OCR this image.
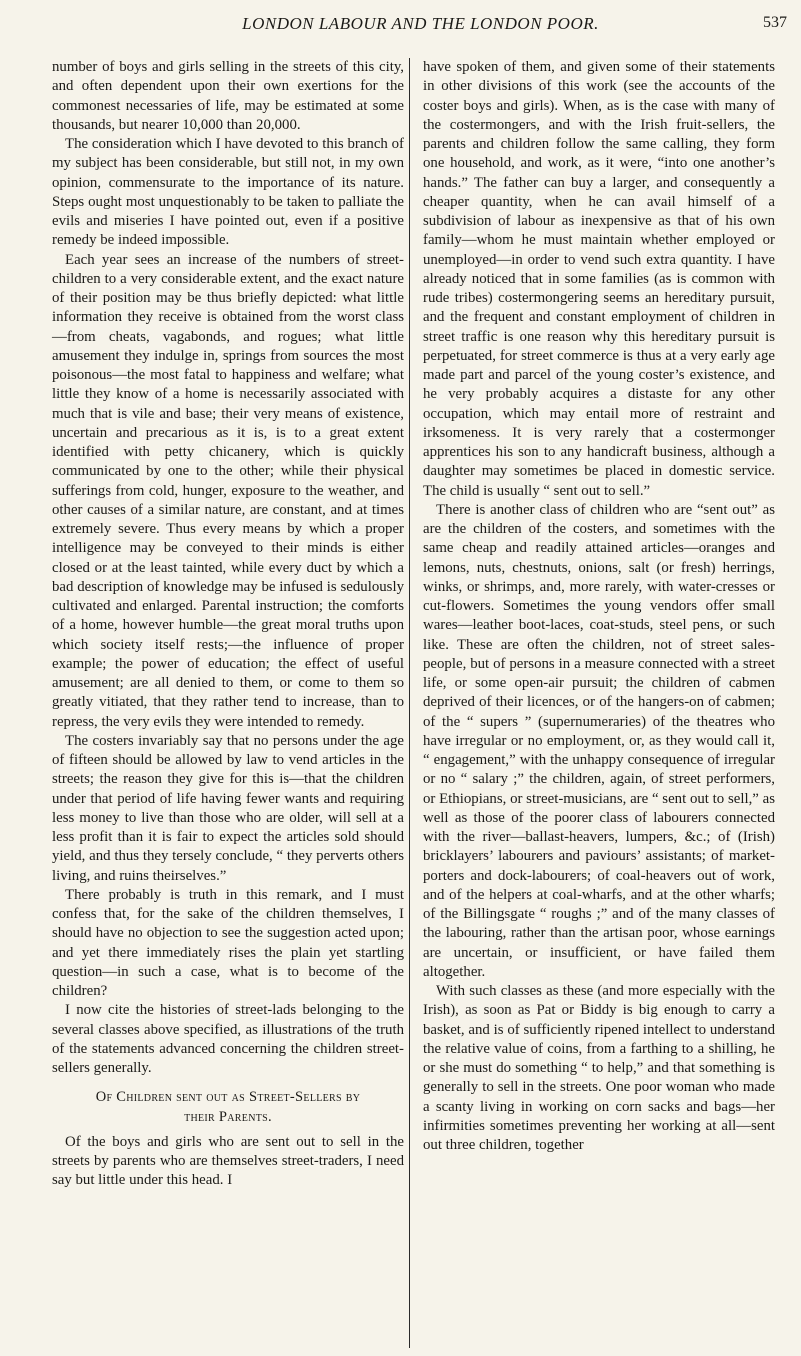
LONDON LABOUR AND THE LONDON POOR.	537

number of boys and girls selling in the streets of this city, and often dependent upon their own exertions for the commonest necessaries of life, may be estimated at some thousands, but nearer 10,000 than 20,000.

The consideration which I have devoted to this branch of my subject has been considerable, but still not, in my own opinion, commensurate to the importance of its nature. Steps ought most unquestionably to be taken to palliate the evils and miseries I have pointed out, even if a positive remedy be indeed impossible.

Each year sees an increase of the numbers of street-children to a very considerable extent, and the exact nature of their position may be thus briefly depicted: what little information they receive is obtained from the worst class—from cheats, vagabonds, and rogues; what little amusement they indulge in, springs from sources the most poisonous—the most fatal to happiness and welfare; what little they know of a home is necessarily associated with much that is vile and base; their very means of existence, uncertain and precarious as it is, is to a great extent identified with petty chicanery, which is quickly communicated by one to the other; while their physical sufferings from cold, hunger, exposure to the weather, and other causes of a similar nature, are constant, and at times extremely severe. Thus every means by which a proper intelligence may be conveyed to their minds is either closed or at the least tainted, while every duct by which a bad description of knowledge may be infused is sedulously cultivated and enlarged. Parental instruction; the comforts of a home, however humble—the great moral truths upon which society itself rests;—the influence of proper example; the power of education; the effect of useful amusement; are all denied to them, or come to them so greatly vitiated, that they rather tend to increase, than to repress, the very evils they were intended to remedy.

The costers invariably say that no persons under the age of fifteen should be allowed by law to vend articles in the streets; the reason they give for this is—that the children under that period of life having fewer wants and requiring less money to live than those who are older, will sell at a less profit than it is fair to expect the articles sold should yield, and thus they tersely conclude, “ they perverts others living, and ruins theirselves.”

There probably is truth in this remark, and I must confess that, for the sake of the children themselves, I should have no objection to see the suggestion acted upon; and yet there immediately rises the plain yet startling question—in such a case, what is to become of the children?

I now cite the histories of street-lads belonging to the several classes above specified, as illustrations of the truth of the statements advanced concerning the children street-sellers generally.

Of Children sent out as Street-Sellers by
their Parents.

Of the boys and girls who are sent out to sell in the streets by parents who are themselves street-traders, I need say but little under this head. I

have spoken of them, and given some of their statements in other divisions of this work (see the accounts of the coster boys and girls). When, as is the case with many of the costermongers, and with the Irish fruit-sellers, the parents and children follow the same calling, they form one household, and work, as it were, “into one another’s hands.” The father can buy a larger, and consequently a cheaper quantity, when he can avail himself of a subdivision of labour as inexpensive as that of his own family—whom he must maintain whether employed or unemployed—in order to vend such extra quantity. I have already noticed that in some families (as is common with rude tribes) costermongering seems an hereditary pursuit, and the frequent and constant employment of children in street traffic is one reason why this hereditary pursuit is perpetuated, for street commerce is thus at a very early age made part and parcel of the young coster’s existence, and he very probably acquires a distaste for any other occupation, which may entail more of restraint and irksomeness. It is very rarely that a costermonger apprentices his son to any handicraft business, although a daughter may sometimes be placed in domestic service. The child is usually “ sent out to sell.”

There is another class of children who are “sent out” as are the children of the costers, and sometimes with the same cheap and readily attained articles—oranges and lemons, nuts, chestnuts, onions, salt (or fresh) herrings, winks, or shrimps, and, more rarely, with water-cresses or cut-flowers. Sometimes the young vendors offer small wares—leather boot-laces, coat-studs, steel pens, or such like. These are often the children, not of street sales-people, but of persons in a measure connected with a street life, or some open-air pursuit; the children of cabmen deprived of their licences, or of the hangers-on of cabmen; of the “ supers ” (supernumeraries) of the theatres who have irregular or no employment, or, as they would call it, “ engagement,” with the unhappy consequence of irregular or no “ salary ;” the children, again, of street performers, or Ethiopians, or street-musicians, are “ sent out to sell,” as well as those of the poorer class of labourers connected with the river—ballast-heavers, lumpers, &c.; of (Irish) bricklayers’ labourers and paviours’ assistants; of market-porters and dock-labourers; of coal-heavers out of work, and of the helpers at coal-wharfs, and at the other wharfs; of the Billingsgate “ roughs ;” and of the many classes of the labouring, rather than the artisan poor, whose earnings are uncertain, or insufficient, or have failed them altogether.

With such classes as these (and more especially with the Irish), as soon as Pat or Biddy is big enough to carry a basket, and is of sufficiently ripened intellect to understand the relative value of coins, from a farthing to a shilling, he or she must do something “ to help,” and that something is generally to sell in the streets. One poor woman who made a scanty living in working on corn sacks and bags—her infirmities sometimes preventing her working at all—sent out three children, together
